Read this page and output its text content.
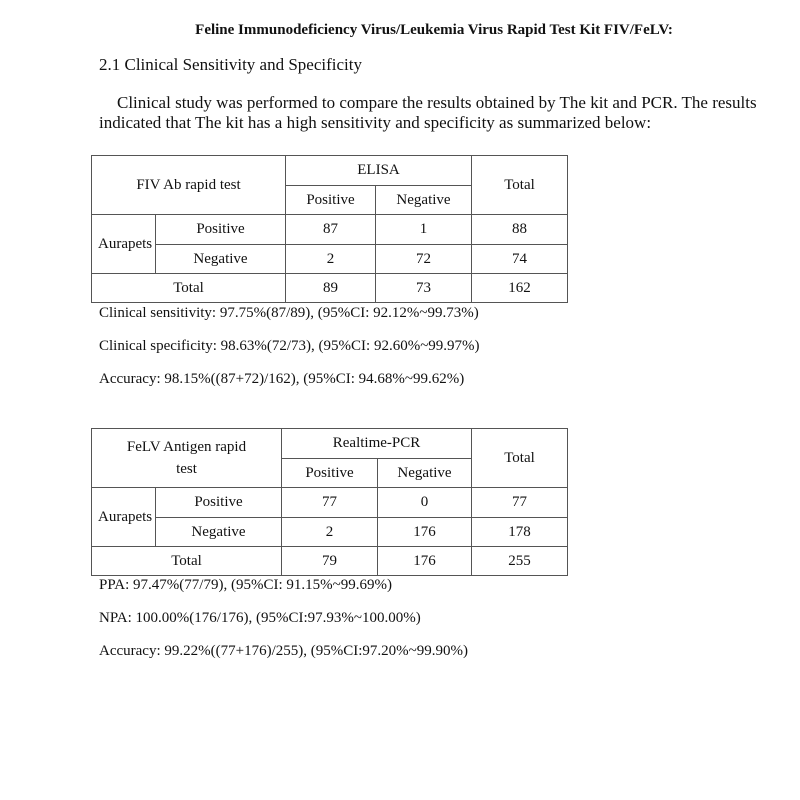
Feline Immunodeficiency Virus/Leukemia Virus Rapid Test Kit FIV/FeLV:
2.1 Clinical Sensitivity and Specificity
Clinical study was performed to compare the results obtained by The kit and PCR. The results indicated that The kit has a high sensitivity and specificity as summarized below:
FIV Ab rapid test		ELISA		Total
		Positive	Negative	
Aurapets	Positive	87	1	88
	Negative	2	72	74
Total		89	73	162
Clinical sensitivity: 97.75%(87/89), (95%CI: 92.12%~99.73%)
Clinical specificity: 98.63%(72/73), (95%CI: 92.60%~99.97%)
Accuracy: 98.15%((87+72)/162), (95%CI: 94.68%~99.62%)
FeLV Antigen rapid
test		Realtime-PCR		Total
		Positive	Negative	
Aurapets	Positive	77	0	77
	Negative	2	176	178
Total		79	176	255
PPA: 97.47%(77/79), (95%CI: 91.15%~99.69%)
NPA: 100.00%(176/176), (95%CI:97.93%~100.00%)
Accuracy: 99.22%((77+176)/255), (95%CI:97.20%~99.90%)
